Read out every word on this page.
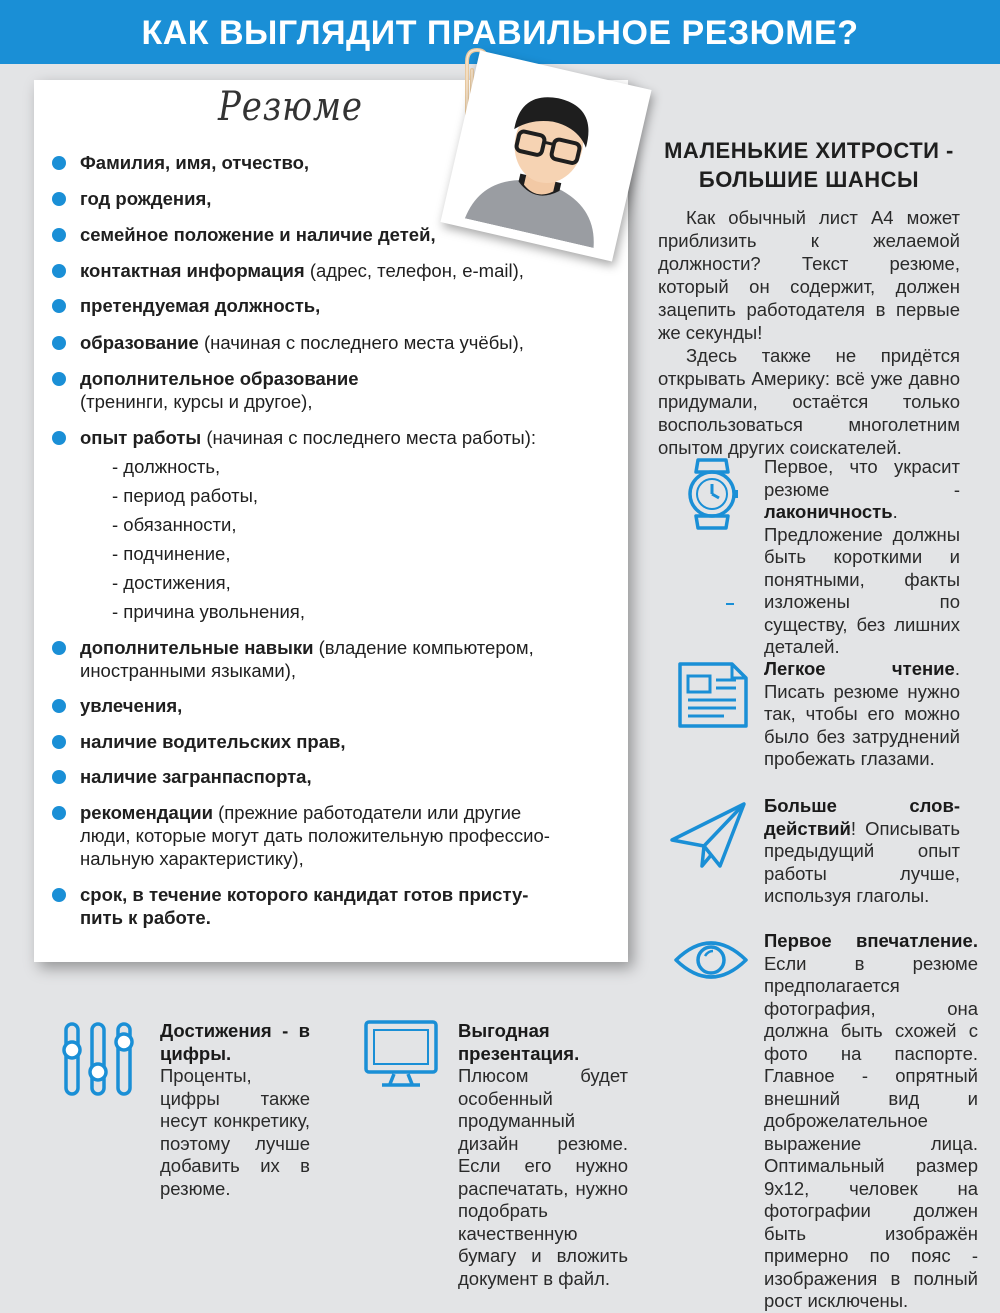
КАК ВЫГЛЯДИТ ПРАВИЛЬНОЕ РЕЗЮМЕ?
Резюме
Фамилия, имя, отчество,
год рождения,
семейное положение и наличие детей,
контактная информация (адрес, телефон, e-mail),
претендуемая должность,
образование (начиная с последнего места учёбы),
дополнительное образование
(тренинги, курсы и другое),
опыт работы (начиная с последнего места работы):
- должность,
- период работы,
- обязанности,
- подчинение,
- достижения,
- причина увольнения,
дополнительные навыки (владение компьютером,
иностранными языками),
увлечения,
наличие водительских прав,
наличие загранпаспорта,
рекомендации (прежние работодатели или другие
люди, которые могут дать положительную профессио-
нальную характеристику),
срок, в течение которого кандидат готов присту-
пить к работе.
МАЛЕНЬКИЕ ХИТРОСТИ -
БОЛЬШИЕ ШАНСЫ

Как обычный лист А4 может приблизить к желаемой должности? Текст резюме, который он содержит, должен зацепить работодателя в первые же секунды!

Здесь также не придётся открывать Америку: всё уже давно придумали, остаётся только воспользоваться многолетним опытом других соискателей.

Первое, что украсит резюме - лаконичность. Предложение должны быть короткими и понятными, факты изложены по существу, без лишних деталей.
Легкое чтение. Писать резюме нужно так, чтобы его можно было без затруднений пробежать глазами.
Больше слов-действий! Описывать предыдущий опыт работы лучше, используя глаголы.
Первое впечатление. Если в резюме предполагается фотография, она должна быть схожей с фото на паспорте. Главное - опрятный внешний вид и доброжелательное выражение лица. Оптимальный размер 9x12, человек на фотографии должен быть изображён примерно по пояс - изображения в полный рост исключены.
Достижения - в цифры. Проценты, цифры также несут конкретику, поэтому лучше добавить их в резюме.
Выгодная презентация. Плюсом будет особенный продуманный дизайн резюме. Если его нужно распечатать, нужно подобрать качественную бумагу и вложить документ в файл.
